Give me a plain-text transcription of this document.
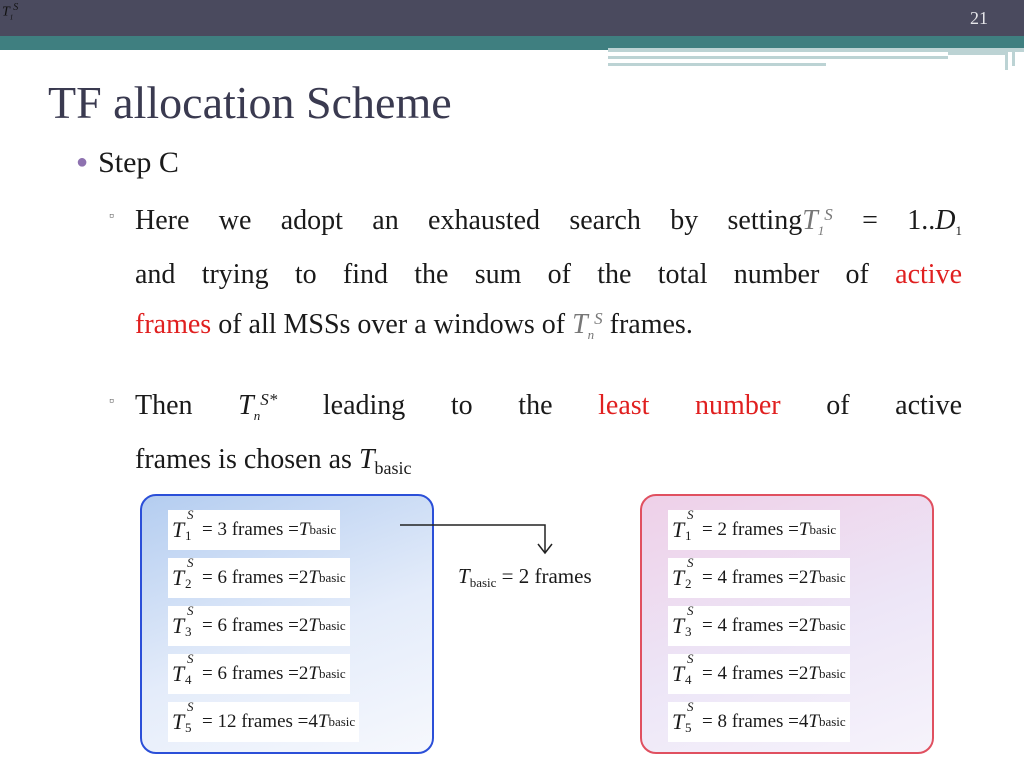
$T_1^S$
21
TF allocation Scheme
● Step C
▫ Here we adopt an exhausted search by settingT$_1^S$ = $1..D_1$
and trying to find the sum of the total number of active
frames of all MSSs over a windows of $T_n^S$ frames.
▫ Then $T_n^{S*}$ leading to the least number of active
frames is chosen as $T_{basic}$
T
S
1 = 3 frames = T basic
T
S
2 = 6 frames = 2 T basic
T
S
3 = 6 frames = 2 T basic
T
S
4 = 6 frames = 2 T basic
T
S
5 = 12 frames = 4 T basic
Tbasic = 2 frames
T
S
1 = 2 frames = T basic
T
S
2 = 4 frames = 2 T basic
T
S
3 = 4 frames = 2 T basic
T
S
4 = 4 frames = 2 T basic
T
S
5 = 8 frames = 4 T basic
